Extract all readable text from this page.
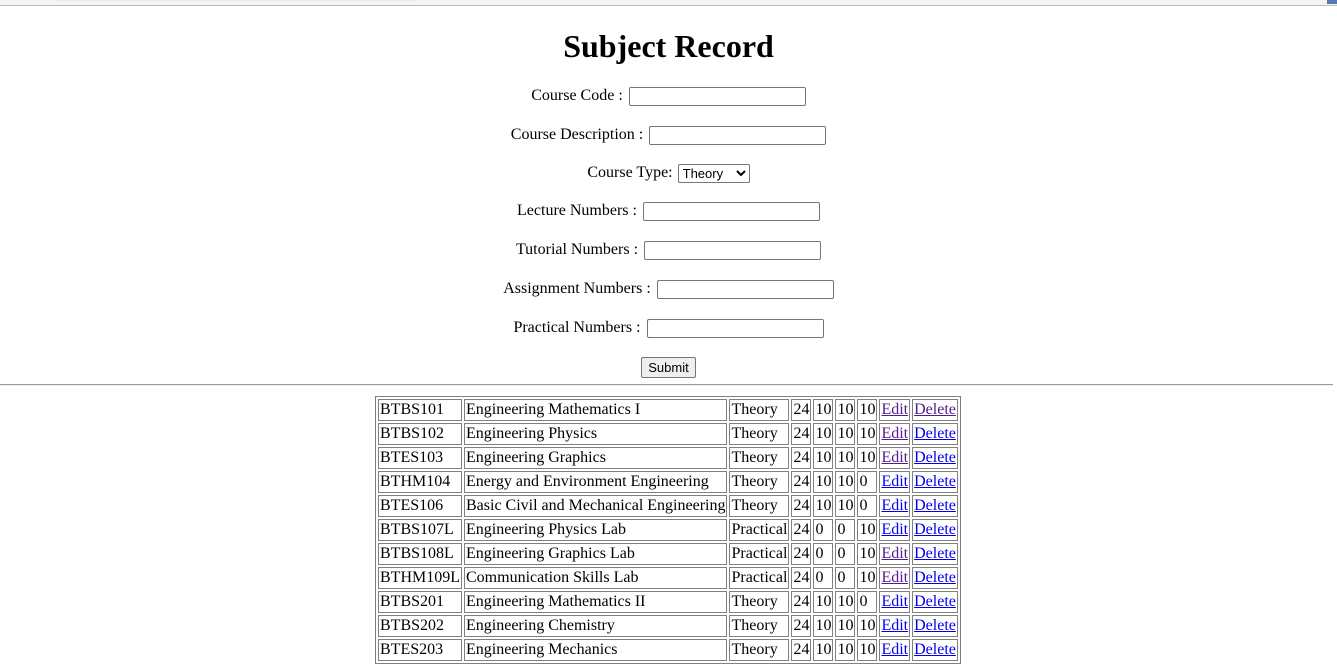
Subject Record
Course Code :
Course Description :
Course Type:
Theory
Lecture Numbers :
Tutorial Numbers :
Assignment Numbers :
Practical Numbers :
Submit
BTBS101	Engineering Mathematics I	Theory	24	10	10	10	Edit	Delete
BTBS102	Engineering Physics	Theory	24	10	10	10	Edit	Delete
BTES103	Engineering Graphics	Theory	24	10	10	10	Edit	Delete
BTHM104	Energy and Environment Engineering	Theory	24	10	10	0	Edit	Delete
BTES106	Basic Civil and Mechanical Engineering	Theory	24	10	10	0	Edit	Delete
BTBS107L	Engineering Physics Lab	Practical	24	0	0	10	Edit	Delete
BTBS108L	Engineering Graphics Lab	Practical	24	0	0	10	Edit	Delete
BTHM109L	Communication Skills Lab	Practical	24	0	0	10	Edit	Delete
BTBS201	Engineering Mathematics II	Theory	24	10	10	0	Edit	Delete
BTBS202	Engineering Chemistry	Theory	24	10	10	10	Edit	Delete
BTES203	Engineering Mechanics	Theory	24	10	10	10	Edit	Delete
